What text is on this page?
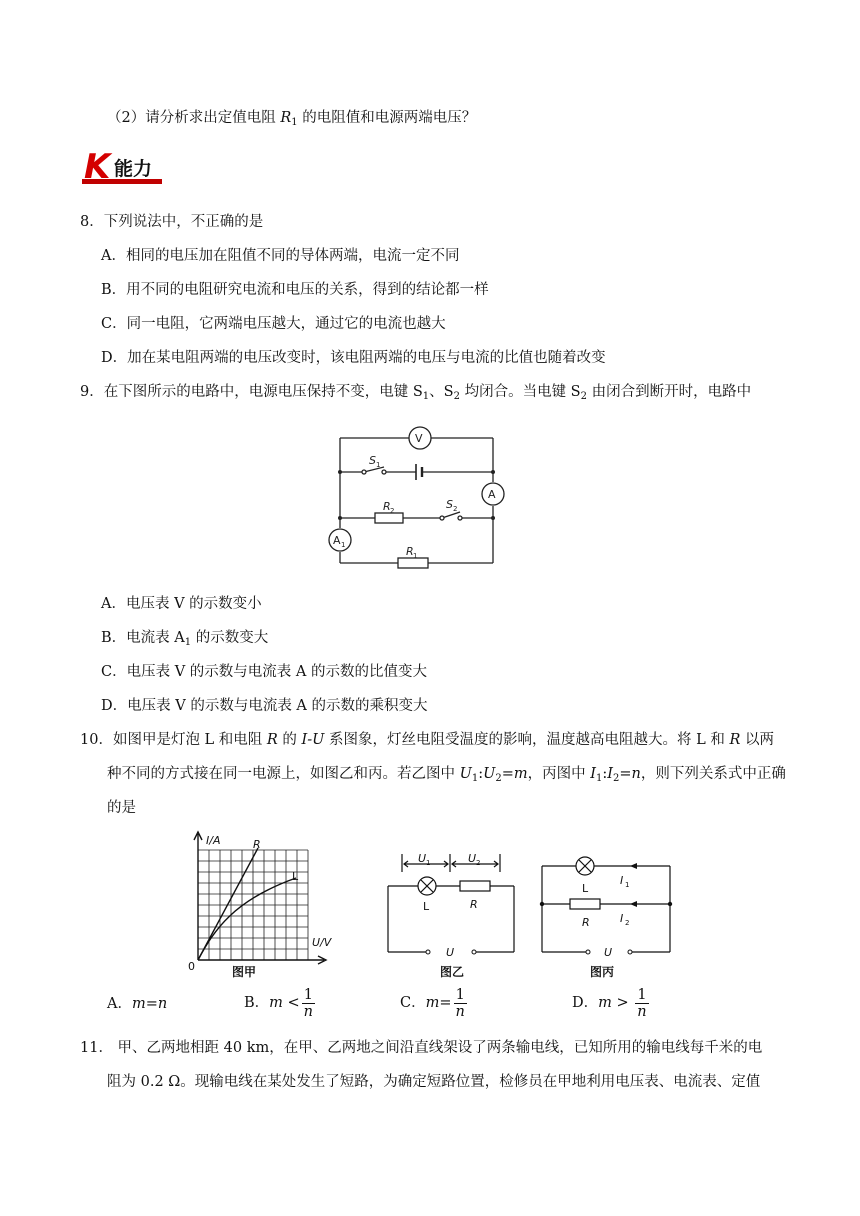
（2）请分析求出定值电阻 $R_1$ 的电阻值和电源两端电压？
K 能力
8．下列说法中，不正确的是
A．相同的电压加在阻值不同的导体两端，电流一定不同
B．用不同的电阻研究电流和电压的关系，得到的结论都一样
C．同一电阻，它两端电压越大，通过它的电流也越大
D．加在某电阻两端的电压改变时，该电阻两端的电压与电流的比值也随着改变
9．在下图所示的电路中，电源电压保持不变，电键 $S_1$、$S_2$ 均闭合。当电键 $S_2$ 由闭合到断开时，电路中
V
A
A 1
S 1
S 2
R 2
R 1
A．电压表 V 的示数变小
B．电流表 $A_1$ 的示数变大
C．电压表 V 的示数与电流表 A 的示数的比值变大
D．电压表 V 的示数与电流表 A 的示数的乘积变大
10．如图甲是灯泡 L 和电阻 R 的 I-U 系图象，灯丝电阻受温度的影响，温度越高电阻越大。将 L 和 R 以两
种不同的方式接在同一电源上，如图乙和丙。若乙图中 $U_1:U_2=m$，丙图中 $I_1:I_2=n$，则下列关系式中正确
的是
I/A
U/V
0
R
L
图甲
U 1	U 2
L	R
U
图乙
L
R
I 1
I 2
U
图丙
A．m=n	B．$m < \frac{1}{n}$	C．$m= \frac{1}{n}$	D．$m > \frac{1}{n}$
11． 甲、乙两地相距 40 km，在甲、乙两地之间沿直线架设了两条输电线，已知所用的输电线每千米的电
阻为 0.2 Ω。现输电线在某处发生了短路，为确定短路位置，检修员在甲地利用电压表、电流表、定值
